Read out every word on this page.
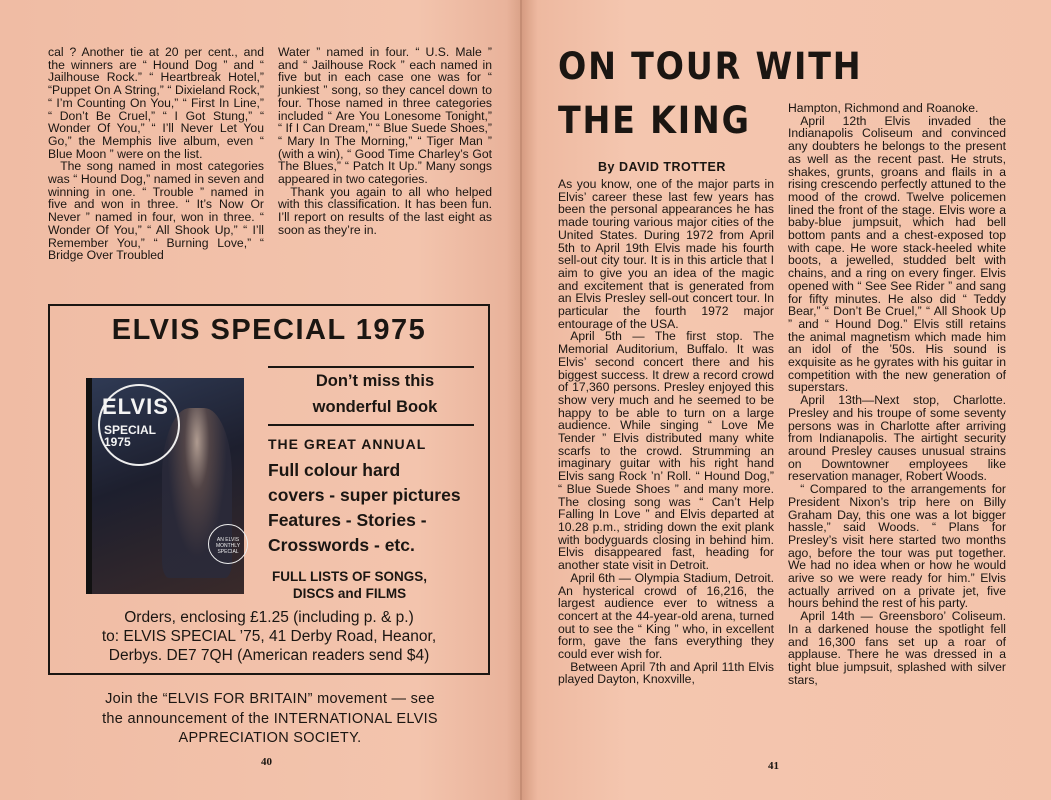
cal ? Another tie at 20 per cent., and the winners are “ Hound Dog ” and “ Jailhouse Rock.” “ Heartbreak Hotel,” “Puppet On A String,” “ Dixieland Rock,” “ I’m Counting On You,” “ First In Line,” “ Don’t Be Cruel,” “ I Got Stung,” “ Wonder Of You,” “ I’ll Never Let You Go,” the Memphis live album, even “ Blue Moon ” were on the list.

The song named in most categories was “ Hound Dog,” named in seven and winning in one. “ Trouble ” named in five and won in three. “ It’s Now Or Never ” named in four, won in three. “ Wonder Of You,” “ All Shook Up,” “ I’ll Remember You,” “ Burning Love,” “ Bridge Over Troubled

Water ” named in four. “ U.S. Male ” and “ Jailhouse Rock ” each named in five but in each case one was for “ junkiest ” song, so they cancel down to four. Those named in three categories included “ Are You Lonesome Tonight,” “ If I Can Dream,” “ Blue Suede Shoes,” “ Mary In The Morning,” “ Tiger Man ” (with a win), “ Good Time Charley’s Got The Blues,” “ Patch It Up.” Many songs appeared in two categories.

Thank you again to all who helped with this classification. It has been fun. I’ll report on results of the last eight as soon as they’re in.

ELVIS SPECIAL 1975
ELVIS
SPECIAL
1975
AN ELVIS MONTHLY SPECIAL
Don’t miss this
wonderful Book
THE GREAT ANNUAL
Full colour hard
covers - super pictures
Features - Stories -
Crosswords - etc.
FULL LISTS OF SONGS,
DISCS and FILMS
Orders, enclosing £1.25 (including p. & p.)
to: ELVIS SPECIAL ’75, 41 Derby Road, Heanor,
Derbys. DE7 7QH (American readers send $4)
Join the “ELVIS FOR BRITAIN” movement — see
the announcement of the INTERNATIONAL ELVIS
APPRECIATION SOCIETY.
40
ON TOUR WITH
THE KING
By DAVID TROTTER

As you know, one of the major parts in Elvis’ career these last few years has been the personal appearances he has made touring various major cities of the United States. During 1972 from April 5th to April 19th Elvis made his fourth sell-out city tour. It is in this article that I aim to give you an idea of the magic and excitement that is generated from an Elvis Presley sell-out concert tour. In particular the fourth 1972 major entourage of the USA.

April 5th — The first stop. The Memorial Auditorium, Buffalo. It was Elvis’ second concert there and his biggest success. It drew a record crowd of 17,360 persons. Presley enjoyed this show very much and he seemed to be happy to be able to turn on a large audience. While singing “ Love Me Tender ” Elvis distributed many white scarfs to the crowd. Strumming an imaginary guitar with his right hand Elvis sang Rock ’n’ Roll. “ Hound Dog,” “ Blue Suede Shoes ” and many more. The closing song was “ Can’t Help Falling In Love ” and Elvis departed at 10.28 p.m., striding down the exit plank with bodyguards closing in behind him. Elvis disappeared fast, heading for another state visit in Detroit.

April 6th — Olympia Stadium, Detroit. An hysterical crowd of 16,216, the largest audience ever to witness a concert at the 44-year-old arena, turned out to see the “ King ” who, in excellent form, gave the fans everything they could ever wish for.

Between April 7th and April 11th Elvis played Dayton, Knoxville,

Hampton, Richmond and Roanoke.

April 12th Elvis invaded the Indianapolis Coliseum and convinced any doubters he belongs to the present as well as the recent past. He struts, shakes, grunts, groans and flails in a rising crescendo perfectly attuned to the mood of the crowd. Twelve policemen lined the front of the stage. Elvis wore a baby-blue jumpsuit, which had bell bottom pants and a chest-exposed top with cape. He wore stack-heeled white boots, a jewelled, studded belt with chains, and a ring on every finger. Elvis opened with “ See See Rider ” and sang for fifty minutes. He also did “ Teddy Bear,” “ Don’t Be Cruel,” “ All Shook Up ” and “ Hound Dog.” Elvis still retains the animal magnetism which made him an idol of the ’50s. His sound is exquisite as he gyrates with his guitar in competition with the new generation of superstars.

April 13th—Next stop, Charlotte. Presley and his troupe of some seventy persons was in Charlotte after arriving from Indianapolis. The airtight security around Presley causes unusual strains on Downtowner employees like reservation manager, Robert Woods.

“ Compared to the arrangements for President Nixon’s trip here on Billy Graham Day, this one was a lot bigger hassle,” said Woods. “ Plans for Presley’s visit here started two months ago, before the tour was put together. We had no idea when or how he would arive so we were ready for him.” Elvis actually arrived on a private jet, five hours behind the rest of his party.

April 14th — Greensboro’ Coliseum. In a darkened house the spotlight fell and 16,300 fans set up a roar of applause. There he was dressed in a tight blue jumpsuit, splashed with silver stars,

41
